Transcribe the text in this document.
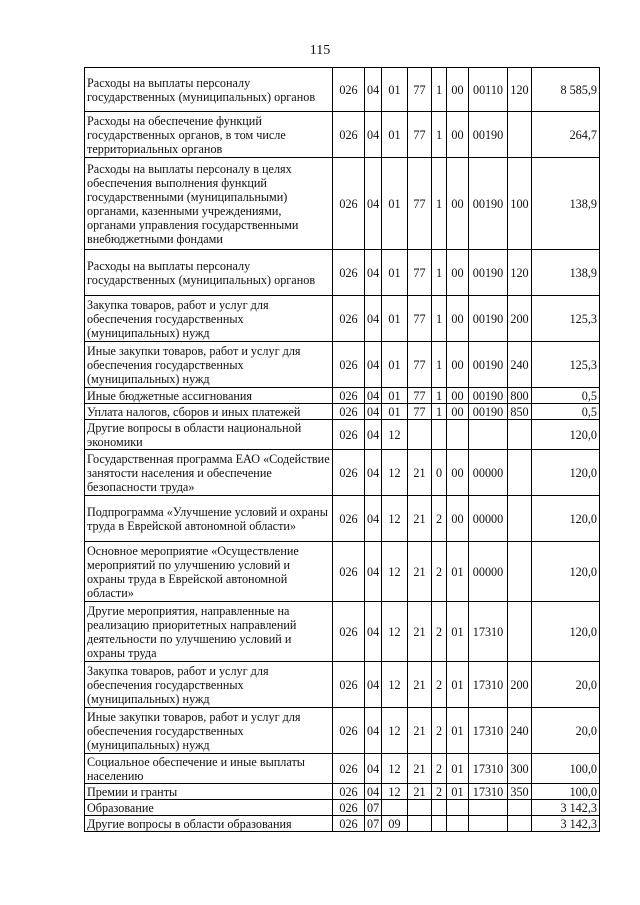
115
Расходы на выплаты персоналу государственных (муниципальных) органов	026	04	01	77	1	00	00110	120	8 585,9
Расходы на обеспечение функций государственных органов, в том числе территориальных органов	026	04	01	77	1	00	00190		264,7
Расходы на выплаты персоналу в целях обеспечения выполнения функций государственными (муниципальными) органами, казенными учреждениями, органами управления государственными внебюджетными фондами	026	04	01	77	1	00	00190	100	138,9
Расходы на выплаты персоналу государственных (муниципальных) органов	026	04	01	77	1	00	00190	120	138,9
Закупка товаров, работ и услуг для обеспечения государственных (муниципальных) нужд	026	04	01	77	1	00	00190	200	125,3
Иные закупки товаров, работ и услуг для обеспечения государственных (муниципальных) нужд	026	04	01	77	1	00	00190	240	125,3
Иные бюджетные ассигнования	026	04	01	77	1	00	00190	800	0,5
Уплата налогов, сборов и иных платежей	026	04	01	77	1	00	00190	850	0,5
Другие вопросы в области национальной экономики	026	04	12						120,0
Государственная программа ЕАО «Содействие занятости населения и обеспечение безопасности труда»	026	04	12	21	0	00	00000		120,0
Подпрограмма «Улучшение условий и охраны труда в Еврейской автономной области»	026	04	12	21	2	00	00000		120,0
Основное мероприятие «Осуществление мероприятий по улучшению условий и охраны труда в Еврейской автономной области»	026	04	12	21	2	01	00000		120,0
Другие мероприятия, направленные на реализацию приоритетных направлений деятельности по улучшению условий и охраны труда	026	04	12	21	2	01	17310		120,0
Закупка товаров, работ и услуг для обеспечения государственных (муниципальных) нужд	026	04	12	21	2	01	17310	200	20,0
Иные закупки товаров, работ и услуг для обеспечения государственных (муниципальных) нужд	026	04	12	21	2	01	17310	240	20,0
Социальное обеспечение и иные выплаты населению	026	04	12	21	2	01	17310	300	100,0
Премии и гранты	026	04	12	21	2	01	17310	350	100,0
Образование	026	07							3 142,3
Другие вопросы в области образования	026	07	09						3 142,3
